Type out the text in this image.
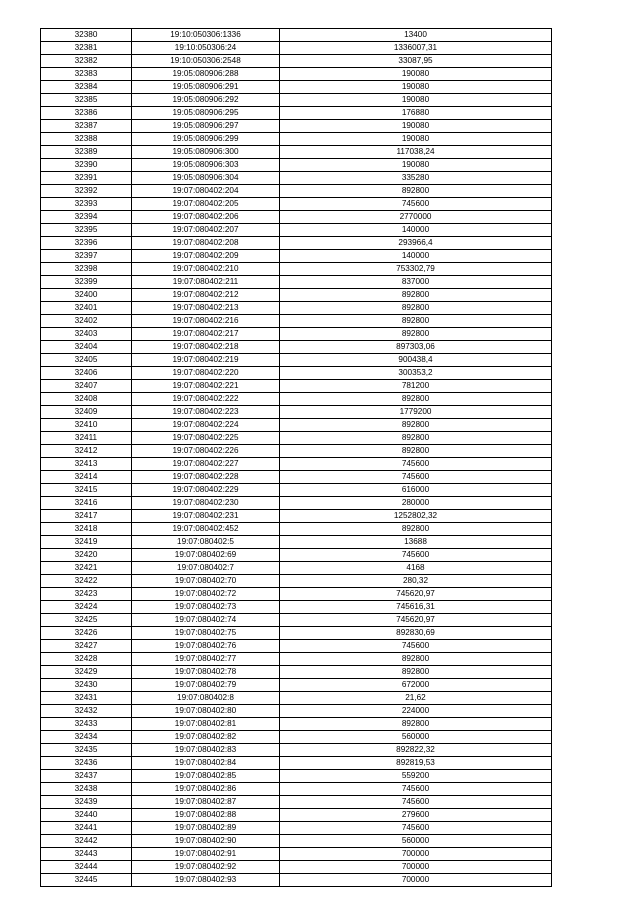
32380	19:10:050306:1336	13400
32381	19:10:050306:24	1336007,31
32382	19:10:050306:2548	33087,95
32383	19:05:080906:288	190080
32384	19:05:080906:291	190080
32385	19:05:080906:292	190080
32386	19:05:080906:295	176880
32387	19:05:080906:297	190080
32388	19:05:080906:299	190080
32389	19:05:080906:300	117038,24
32390	19:05:080906:303	190080
32391	19:05:080906:304	335280
32392	19:07:080402:204	892800
32393	19:07:080402:205	745600
32394	19:07:080402:206	2770000
32395	19:07:080402:207	140000
32396	19:07:080402:208	293966,4
32397	19:07:080402:209	140000
32398	19:07:080402:210	753302,79
32399	19:07:080402:211	837000
32400	19:07:080402:212	892800
32401	19:07:080402:213	892800
32402	19:07:080402:216	892800
32403	19:07:080402:217	892800
32404	19:07:080402:218	897303,06
32405	19:07:080402:219	900438,4
32406	19:07:080402:220	300353,2
32407	19:07:080402:221	781200
32408	19:07:080402:222	892800
32409	19:07:080402:223	1779200
32410	19:07:080402:224	892800
32411	19:07:080402:225	892800
32412	19:07:080402:226	892800
32413	19:07:080402:227	745600
32414	19:07:080402:228	745600
32415	19:07:080402:229	616000
32416	19:07:080402:230	280000
32417	19:07:080402:231	1252802,32
32418	19:07:080402:452	892800
32419	19:07:080402:5	13688
32420	19:07:080402:69	745600
32421	19:07:080402:7	4168
32422	19:07:080402:70	280,32
32423	19:07:080402:72	745620,97
32424	19:07:080402:73	745616,31
32425	19:07:080402:74	745620,97
32426	19:07:080402:75	892830,69
32427	19:07:080402:76	745600
32428	19:07:080402:77	892800
32429	19:07:080402:78	892800
32430	19:07:080402:79	672000
32431	19:07:080402:8	21,62
32432	19:07:080402:80	224000
32433	19:07:080402:81	892800
32434	19:07:080402:82	560000
32435	19:07:080402:83	892822,32
32436	19:07:080402:84	892819,53
32437	19:07:080402:85	559200
32438	19:07:080402:86	745600
32439	19:07:080402:87	745600
32440	19:07:080402:88	279600
32441	19:07:080402:89	745600
32442	19:07:080402:90	560000
32443	19:07:080402:91	700000
32444	19:07:080402:92	700000
32445	19:07:080402:93	700000
